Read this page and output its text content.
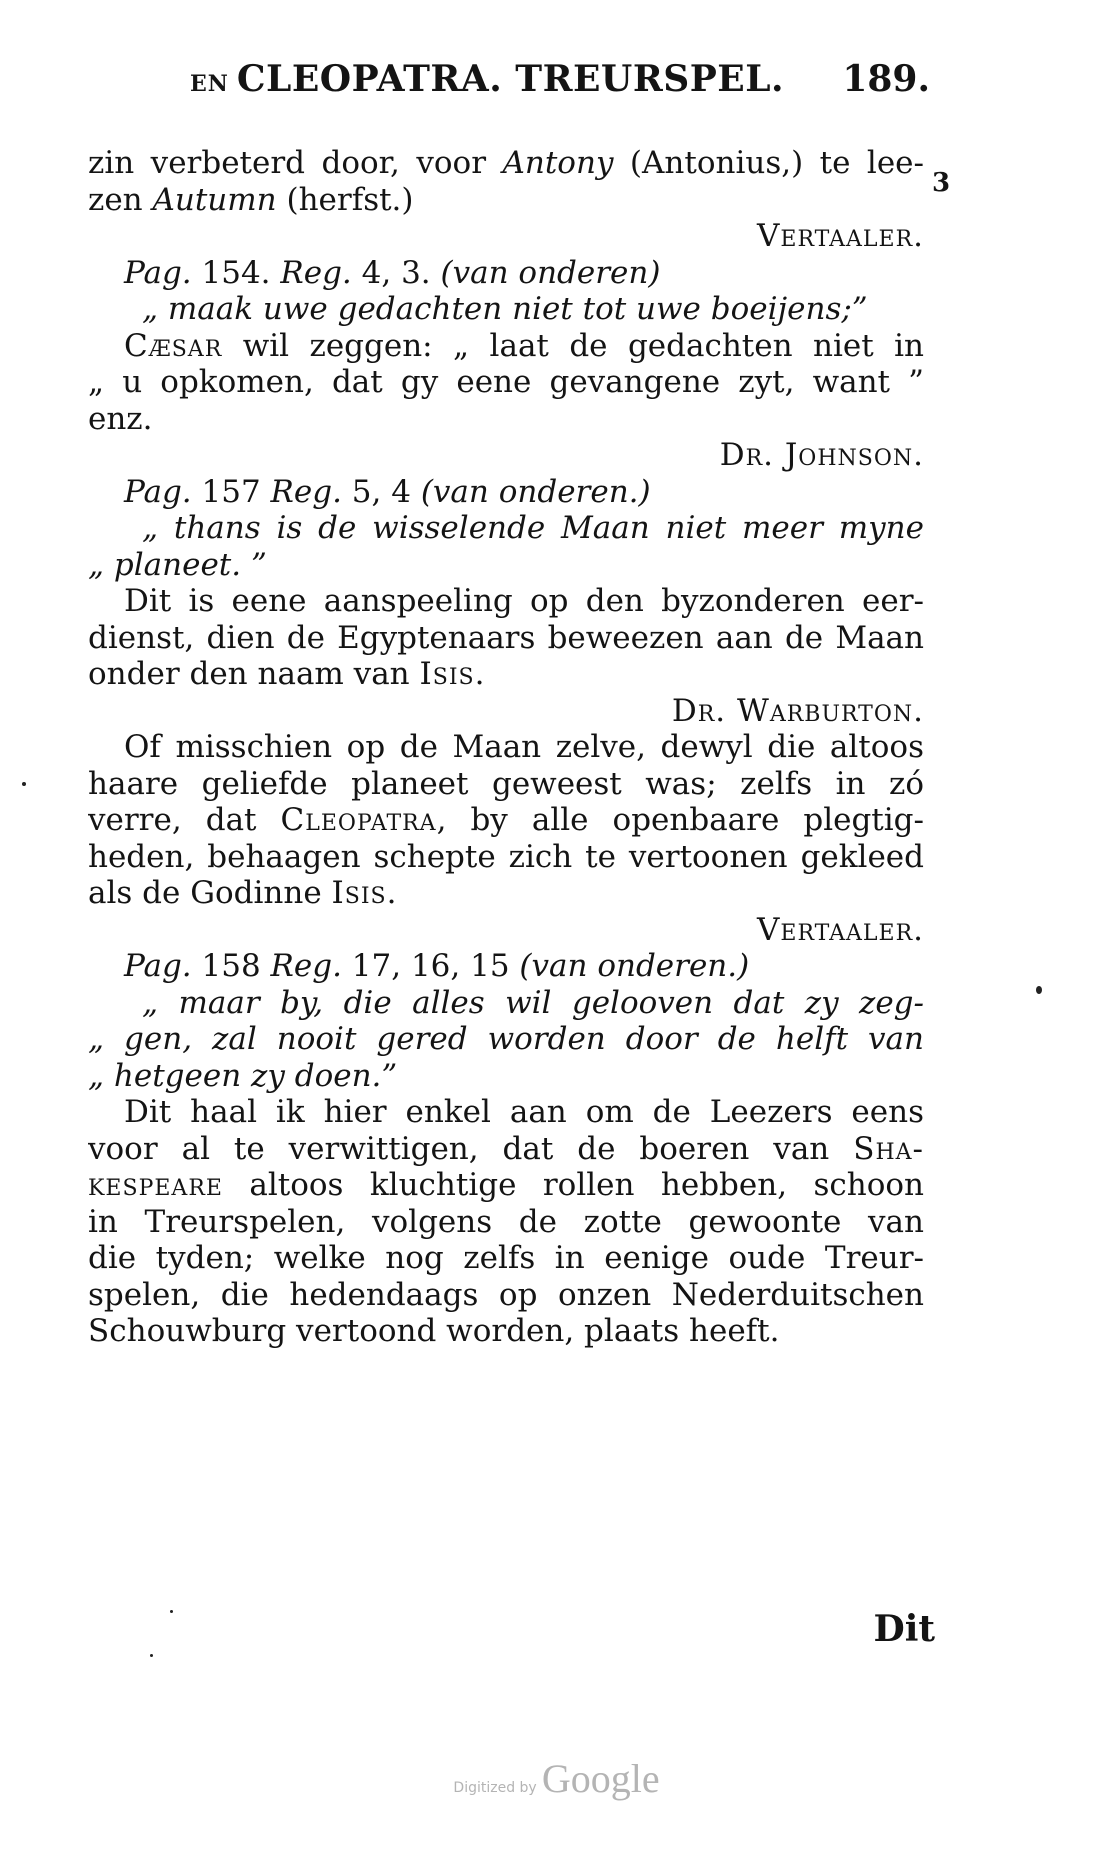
EN CLEOPATRA. TREURSPEL. 189.
3
zin verbeterd door, voor Antony (Antonius,) te lee-
zen Autumn (herfst.)
Vertaaler.
Pag. 154. Reg. 4, 3. (van onderen)
„ maak uwe gedachten niet tot uwe boeijens;”
Cæsar wil zeggen: „ laat de gedachten niet in
„ u opkomen, dat gy eene gevangene zyt, want ”
enz.
Dr. Johnson.
Pag. 157 Reg. 5, 4 (van onderen.)
„ thans is de wisselende Maan niet meer myne
„ planeet. ”
Dit is eene aanspeeling op den byzonderen eer-
dienst, dien de Egyptenaars beweezen aan de Maan
onder den naam van Isis.
Dr. Warburton.
Of misschien op de Maan zelve, dewyl die altoos
haare geliefde planeet geweest was; zelfs in zó
verre, dat Cleopatra, by alle openbaare plegtig-
heden, behaagen schepte zich te vertoonen gekleed
als de Godinne Isis.
Vertaaler.
Pag. 158 Reg. 17, 16, 15 (van onderen.)
„ maar by, die alles wil gelooven dat zy zeg-
„ gen, zal nooit gered worden door de helft van
„ hetgeen zy doen.”
Dit haal ik hier enkel aan om de Leezers eens
voor al te verwittigen, dat de boeren van Sha-
kespeare altoos kluchtige rollen hebben, schoon
in Treurspelen, volgens de zotte gewoonte van
die tyden; welke nog zelfs in eenige oude Treur-
spelen, die hedendaags op onzen Nederduitschen
Schouwburg vertoond worden, plaats heeft.
Dit
Digitized by Google
